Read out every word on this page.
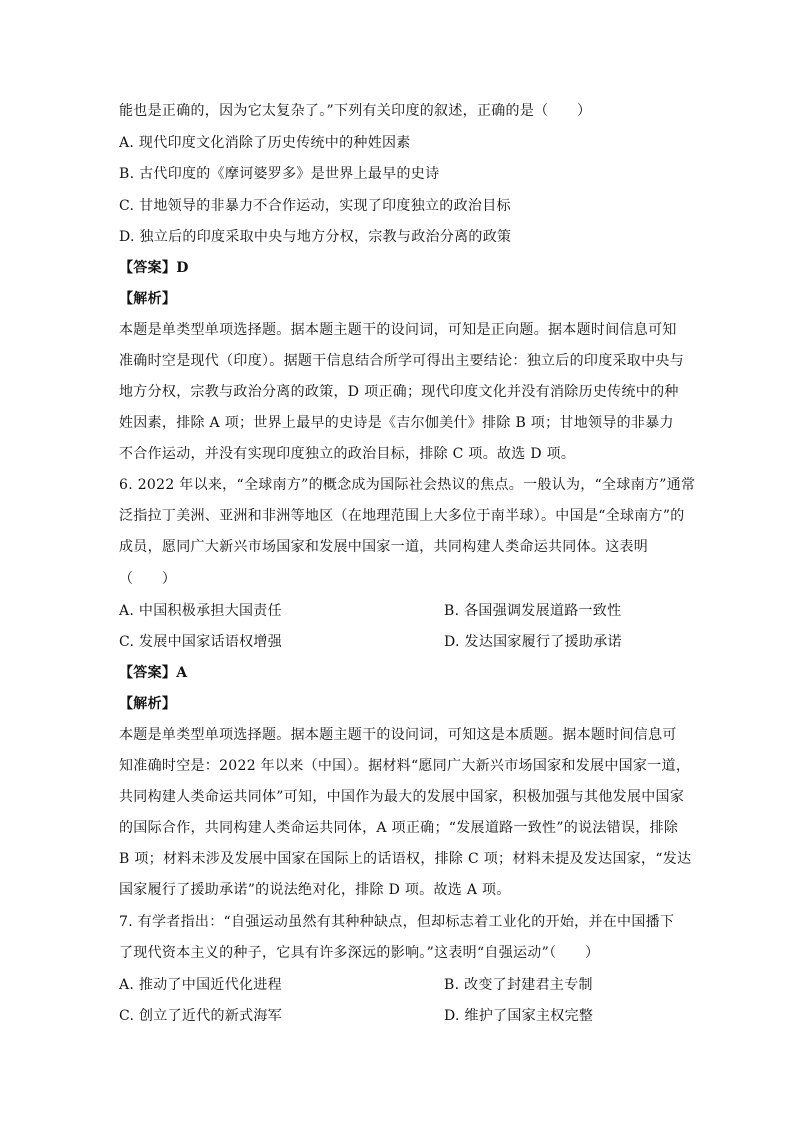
能也是正确的，因为它太复杂了。”下列有关印度的叙述，正确的是（　　）
A. 现代印度文化消除了历史传统中的种姓因素
B. 古代印度的《摩诃婆罗多》是世界上最早的史诗
C. 甘地领导的非暴力不合作运动，实现了印度独立的政治目标
D. 独立后的印度采取中央与地方分权，宗教与政治分离的政策
【答案】D
【解析】
本题是单类型单项选择题。据本题主题干的设问词，可知是正向题。据本题时间信息可知
准确时空是现代（印度）。据题干信息结合所学可得出主要结论：独立后的印度采取中央与
地方分权，宗教与政治分离的政策，D 项正确；现代印度文化并没有消除历史传统中的种
姓因素，排除 A 项；世界上最早的史诗是《吉尔伽美什》排除 B 项；甘地领导的非暴力
不合作运动，并没有实现印度独立的政治目标，排除 C 项。故选 D 项。
6. 2022 年以来，“全球南方”的概念成为国际社会热议的焦点。一般认为，“全球南方”通常
泛指拉丁美洲、亚洲和非洲等地区（在地理范围上大多位于南半球）。中国是“全球南方”的
成员，愿同广大新兴市场国家和发展中国家一道，共同构建人类命运共同体。这表明
（　　）
A. 中国积极承担大国责任	B. 各国强调发展道路一致性
C. 发展中国家话语权增强	D. 发达国家履行了援助承诺
【答案】A
【解析】
本题是单类型单项选择题。据本题主题干的设问词，可知这是本质题。据本题时间信息可
知准确时空是：2022 年以来（中国）。据材料“愿同广大新兴市场国家和发展中国家一道，
共同构建人类命运共同体”可知，中国作为最大的发展中国家，积极加强与其他发展中国家
的国际合作，共同构建人类命运共同体，A 项正确；“发展道路一致性”的说法错误，排除
B 项；材料未涉及发展中国家在国际上的话语权，排除 C 项；材料未提及发达国家，“发达
国家履行了援助承诺”的说法绝对化，排除 D 项。故选 A 项。
7. 有学者指出：“自强运动虽然有其种种缺点，但却标志着工业化的开始，并在中国播下
了现代资本主义的种子，它具有许多深远的影响。”这表明“自强运动”（　　）
A. 推动了中国近代化进程	B. 改变了封建君主专制
C. 创立了近代的新式海军	D. 维护了国家主权完整
